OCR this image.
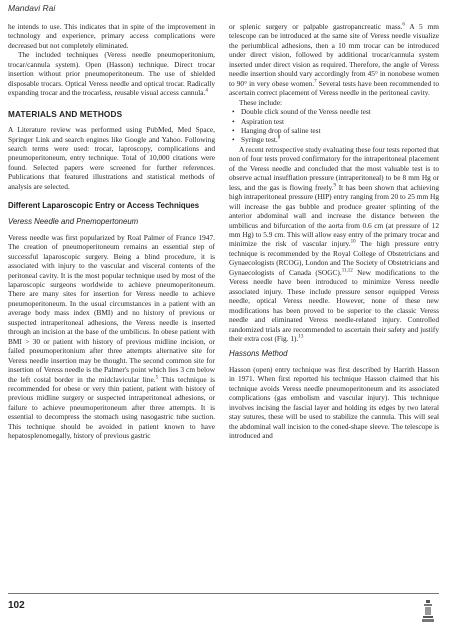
Mandavi Rai

he intends to use. This indicates that in spite of the improvement in technology and experience, primary access complications were decreased but not completely eliminated.

The included techniques (Veress needle pneumoperitonium, trocar/cannula system). Open (Hasson) technique. Direct trocar insertion without prior pneumoperitoneum. The use of shielded disposable trocars. Optical Veress needle and optical trocar. Radically expanding trocar and the trocarless, reusable visual access cannula.$^4$

MATERIALS AND METHODS

A Literature review was performed using PubMed, Med Space, Springer Link and search engines like Google and Yahoo. Following search terms were used: trocar, laproscopy, complications and pneumoperitoneum, entry technique. Total of 10,000 citations were found. Selected papers were screened for further references. Publications that featured illustrations and statistical methods of analysis are selected.

Different Laparoscopic Entry or Access Techniques
Veress Needle and Pnemopertoneum

Veress needle was first popularized by Roal Palmer of France 1947. The creation of pneumoperitoneum remains an essential step of successful laparoscopic surgery. Being a blind procedure, it is associated with injury to the vascular and visceral contents of the peritoneal cavity. It is the most popular technique used by most of the laparoscopic surgeons worldwide to achieve pneumoperitoneum. There are many sites for insertion for Veress needle to achieve pneumoperitoneum. In the usual circumstances in a patient with an average body mass index (BMI) and no history of previous or suspected intraperitoneal adhesions, the Veress needle is inserted through an incision at the base of the umbilicus. In obese patient with BMI > 30 or patient with history of previous midline incision, or failed pneumoperitonium after three attempts alternative site for Veress needle insertion may be thought. The second common site for insertion of Veress needle is the Palmer's point which lies 3 cm below the left costal border in the midclavicular line.$^5$ This technique is recommended for obese or very thin patient, patient with history of previous midline surgery or suspected intraperitoneal adhesions, or failure to achieve pneumoperitoneum after three attempts. It is essential to decompress the stomach using nasogastric tube suction. This technique should be avoided in patient known to have hepatosplenomegally, history of previous gastric

or splenic surgery or palpable gastropancreatic mass.$^6$ A 5 mm telescope can be introduced at the same site of Veress needle visualize the periumblical adhesions, then a 10 mm trocar can be introduced under direct vision, followed by additional trocar/cannula system inserted under direct vision as required. Therefore, the angle of Veress needle insertion should vary accordingly from 45° in nonobese women to 90° in very obese women.$^7$ Several tests have been recommended to ascertain correct placement of Veress needle in the peritoneal cavity.

These include:

• Double click sound of the Veress needle test
• Aspiration test
• Hanging drop of saline test
• Syringe test.$^8$

A recent retrospective study evaluating these four tests reported that non of four tests proved confirmatory for the intraperitoneal placement of the Veress needle and concluded that the most valuable test is to observe actual insufflation pressure (intraperitoneal) to be 8 mm Hg or less, and the gas is flowing freely.$^9$ It has been shown that achieving high intraperitoneal pressure (HIP) entry ranging from 20 to 25 mm Hg will increase the gas bubble and produce greater splinting of the anterior abdominal wall and increase the distance between the umbilicus and bifurcation of the aorta from 0.6 cm (at pressure of 12 mm Hg) to 5.9 cm. This will allow easy entry of the primary trocar and minimize the risk of vascular injury.$^{10}$ The high pressure entry technique is recommended by the Royal College of Obstetricians and Gynaecologists (RCOG), London and The Society of Obstetricians and Gynaecologists of Canada (SOGC).$^{11,12}$ New modifications to the Veress needle have been introduced to minimize Veress needle associated injury. These include pressure sensor equipped Veress needle, optical Veress needle. However, none of these new modifications has been proved to be superior to the classic Veress needle and eliminated Veress needle-related injury. Controlled randomized trials are recommended to ascertain their safety and justify their extra cost (Fig. 1).$^{13}$

Hassons Method

Hasson (open) entry technique was first described by Harrith Hasson in 1971. When first reported his technique Hasson claimed that his technique avoids Veress needle pneumoperitoneum and its associated complications (gas embolism and vascular injury). This technique involves incising the fascial layer and holding its edges by two lateral stay sutures, these will be used to stabilize the cannula. This will seal the abdominal wall incision to the coned-shape sleeve. The telescope is introduced and

102
